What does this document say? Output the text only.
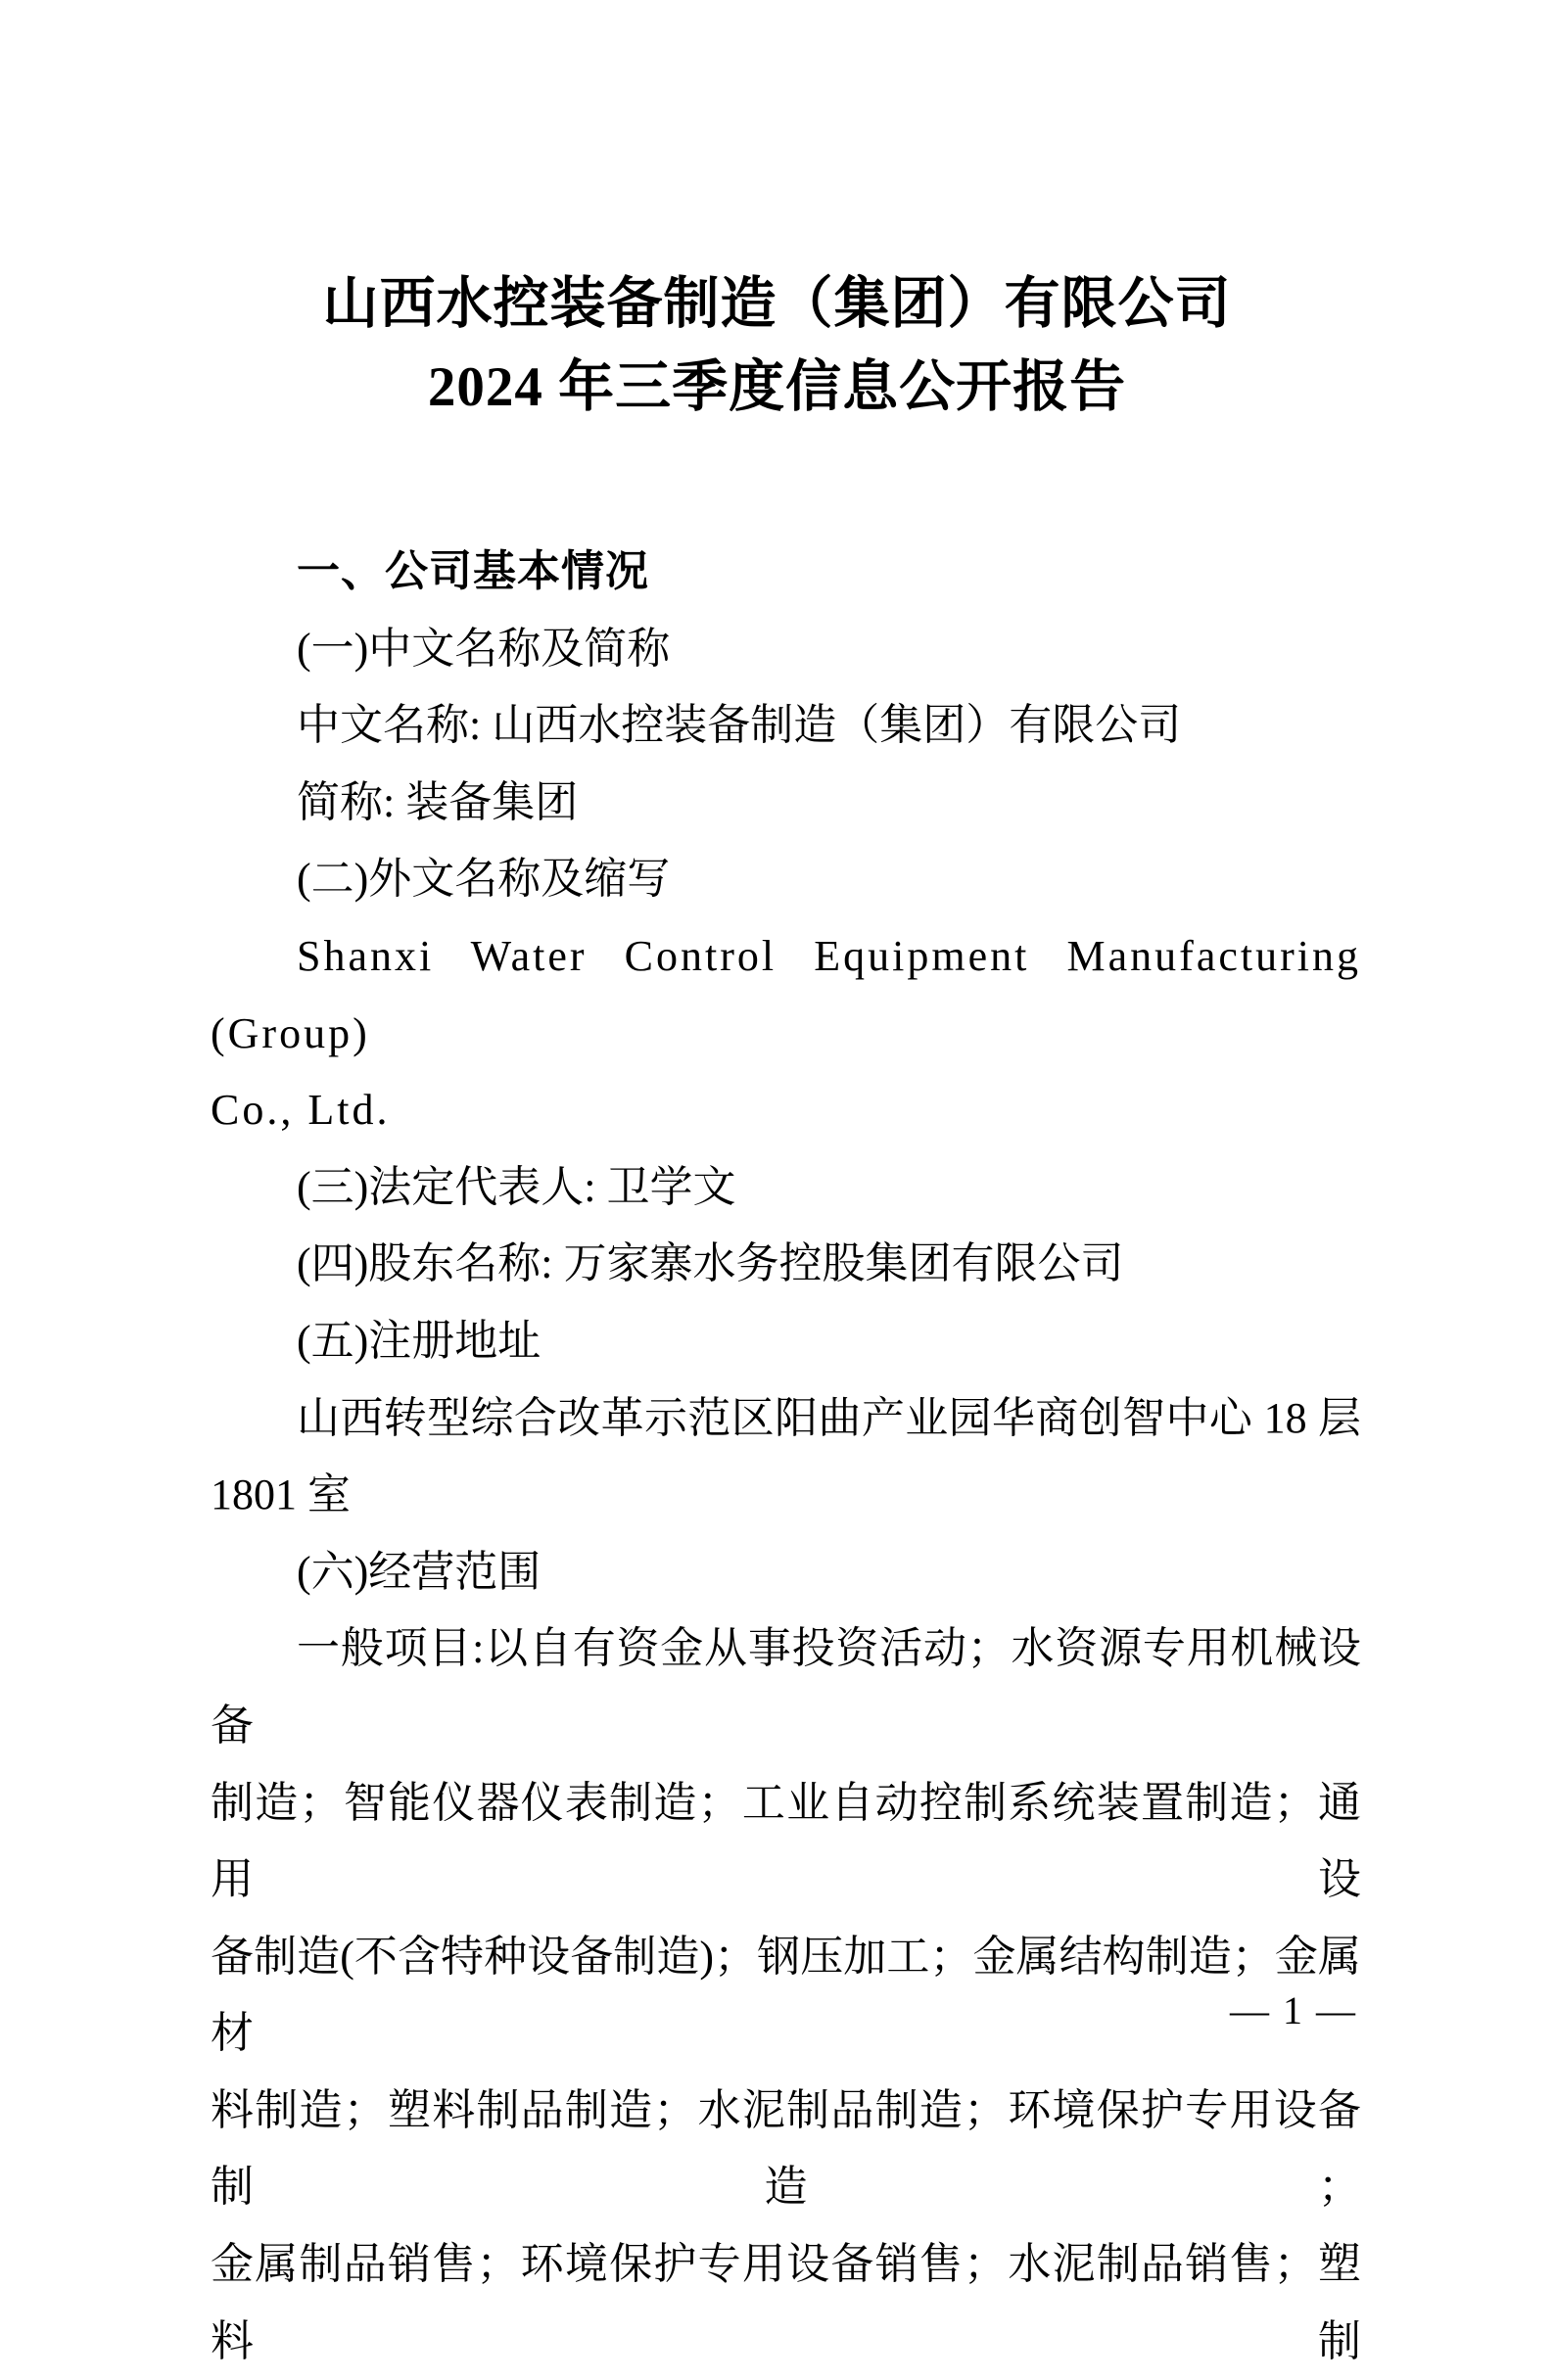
山西水控装备制造（集团）有限公司
2024 年三季度信息公开报告
一、公司基本情况
(一)中文名称及简称
中文名称: 山西水控装备制造（集团）有限公司
简称: 装备集团
(二)外文名称及缩写
Shanxi Water Control Equipment Manufacturing (Group)
Co., Ltd.
(三)法定代表人: 卫学文
(四)股东名称: 万家寨水务控股集团有限公司
(五)注册地址
山西转型综合改革示范区阳曲产业园华商创智中心 18 层
1801 室
(六)经营范围
一般项目:以自有资金从事投资活动；水资源专用机械设备
制造；智能仪器仪表制造；工业自动控制系统装置制造；通用设
备制造(不含特种设备制造)；钢压加工；金属结构制造；金属材
料制造；塑料制品制造；水泥制品制造；环境保护专用设备制造；
金属制品销售；环境保护专用设备销售；水泥制品销售；塑料制
— 1 —
